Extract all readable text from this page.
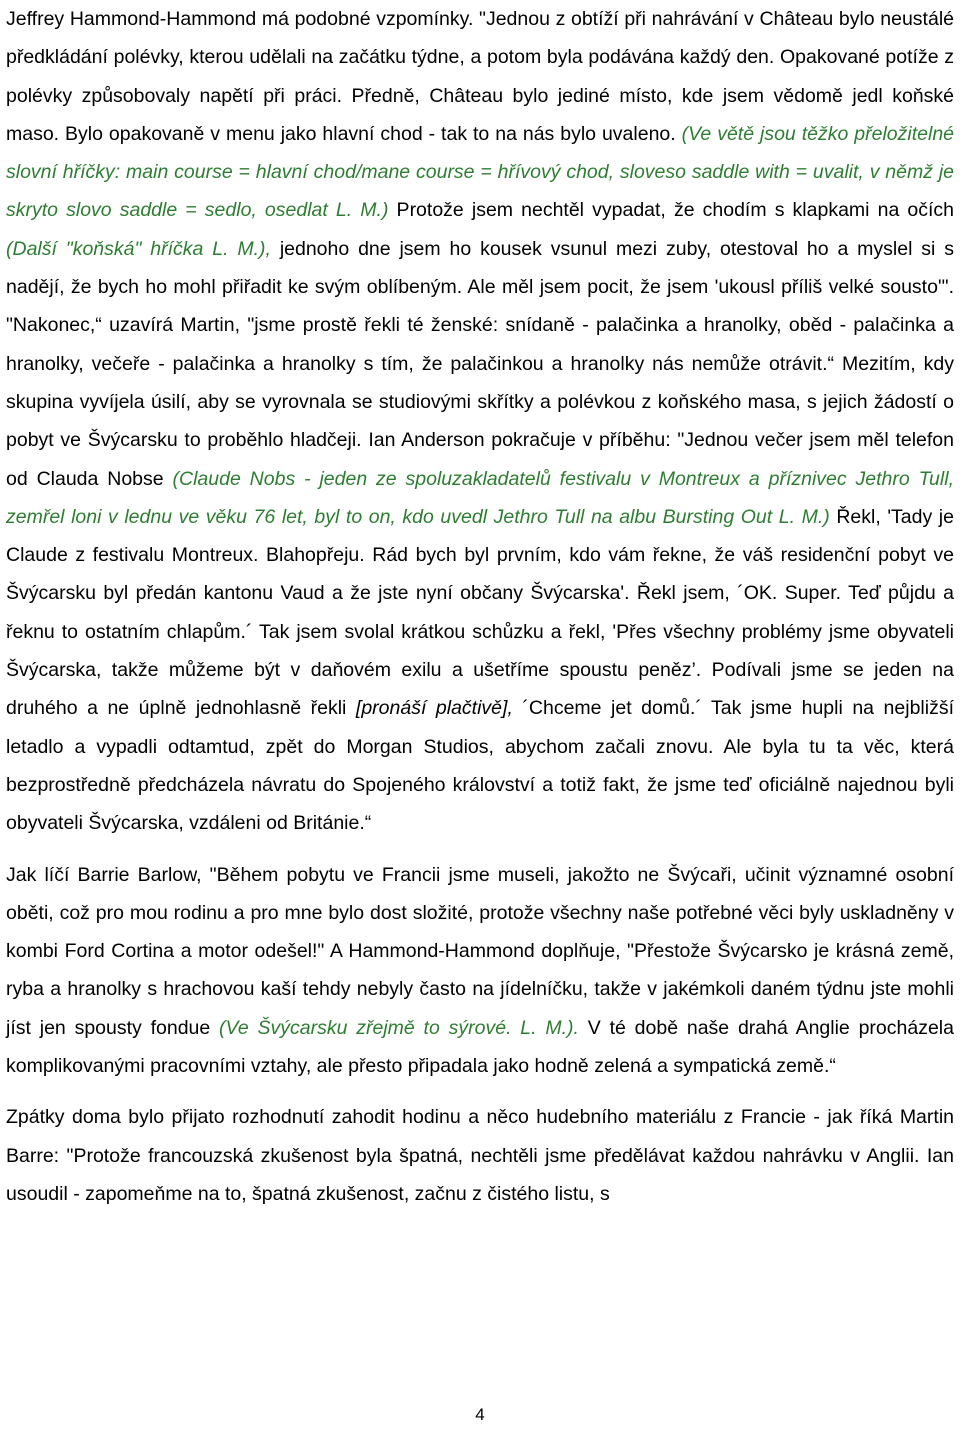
Jeffrey Hammond-Hammond má podobné vzpomínky. "Jednou z obtíží při nahrávání v Château bylo neustálé předkládání polévky, kterou udělali na začátku týdne, a potom byla podávána každý den. Opakované potíže z polévky způsobovaly napětí při práci. Předně, Château bylo jediné místo, kde jsem vědomě jedl koňské maso. Bylo opakovaně v menu jako hlavní chod - tak to na nás bylo uvaleno. (Ve větě jsou těžko přeložitelné slovní hříčky: main course = hlavní chod/mane course = hřívový chod, sloveso saddle with = uvalit, v němž je skryto slovo saddle = sedlo, osedlat L. M.) Protože jsem nechtěl vypadat, že chodím s klapkami na očích (Další "koňská" hříčka L. M.), jednoho dne jsem ho kousek vsunul mezi zuby, otestoval ho a myslel si s nadějí, že bych ho mohl přiřadit ke svým oblíbeným. Ale měl jsem pocit, že jsem 'ukousl příliš velké sousto'". "Nakonec,“ uzavírá Martin, "jsme prostě řekli té ženské: snídaně - palačinka a hranolky, oběd - palačinka a hranolky, večeře - palačinka a hranolky s tím, že palačinkou a hranolky nás nemůže otrávit.“ Mezitím, kdy skupina vyvíjela úsilí, aby se vyrovnala se studiovými skřítky a polévkou z koňského masa, s jejich žádostí o pobyt ve Švýcarsku to proběhlo hladčeji. Ian Anderson pokračuje v příběhu: "Jednou večer jsem měl telefon od Clauda Nobse (Claude Nobs - jeden ze spoluzakladatelů festivalu v Montreux a příznivec Jethro Tull, zemřel loni v lednu ve věku 76 let, byl to on, kdo uvedl Jethro Tull na albu Bursting Out L. M.) Řekl, 'Tady je Claude z festivalu Montreux. Blahopřeju. Rád bych byl prvním, kdo vám řekne, že váš residenční pobyt ve Švýcarsku byl předán kantonu Vaud a že jste nyní občany Švýcarska'. Řekl jsem, ´OK. Super. Teď půjdu a řeknu to ostatním chlapům.´ Tak jsem svolal krátkou schůzku a řekl, 'Přes všechny problémy jsme obyvateli Švýcarska, takže můžeme být v daňovém exilu a ušetříme spoustu peněz’. Podívali jsme se jeden na druhého a ne úplně jednohlasně řekli [pronáší plačtivě], ´Chceme jet domů.´ Tak jsme hupli na nejbližší letadlo a vypadli odtamtud, zpět do Morgan Studios, abychom začali znovu. Ale byla tu ta věc, která bezprostředně předcházela návratu do Spojeného království a totiž fakt, že jsme teď oficiálně najednou byli obyvateli Švýcarska, vzdáleni od Británie.“

Jak líčí Barrie Barlow, "Během pobytu ve Francii jsme museli, jakožto ne Švýcaři, učinit významné osobní oběti, což pro mou rodinu a pro mne bylo dost složité, protože všechny naše potřebné věci byly uskladněny v kombi Ford Cortina a motor odešel!" A Hammond-Hammond doplňuje, "Přestože Švýcarsko je krásná země, ryba a hranolky s hrachovou kaší tehdy nebyly často na jídelníčku, takže v jakémkoli daném týdnu jste mohli jíst jen spousty fondue (Ve Švýcarsku zřejmě to sýrové. L. M.). V té době naše drahá Anglie procházela komplikovanými pracovními vztahy, ale přesto připadala jako hodně zelená a sympatická země.“

Zpátky doma bylo přijato rozhodnutí zahodit hodinu a něco hudebního materiálu z Francie - jak říká Martin Barre: "Protože francouzská zkušenost byla špatná, nechtěli jsme předělávat každou nahrávku v Anglii. Ian usoudil - zapomeňme na to, špatná zkušenost, začnu z čistého listu, s

4
